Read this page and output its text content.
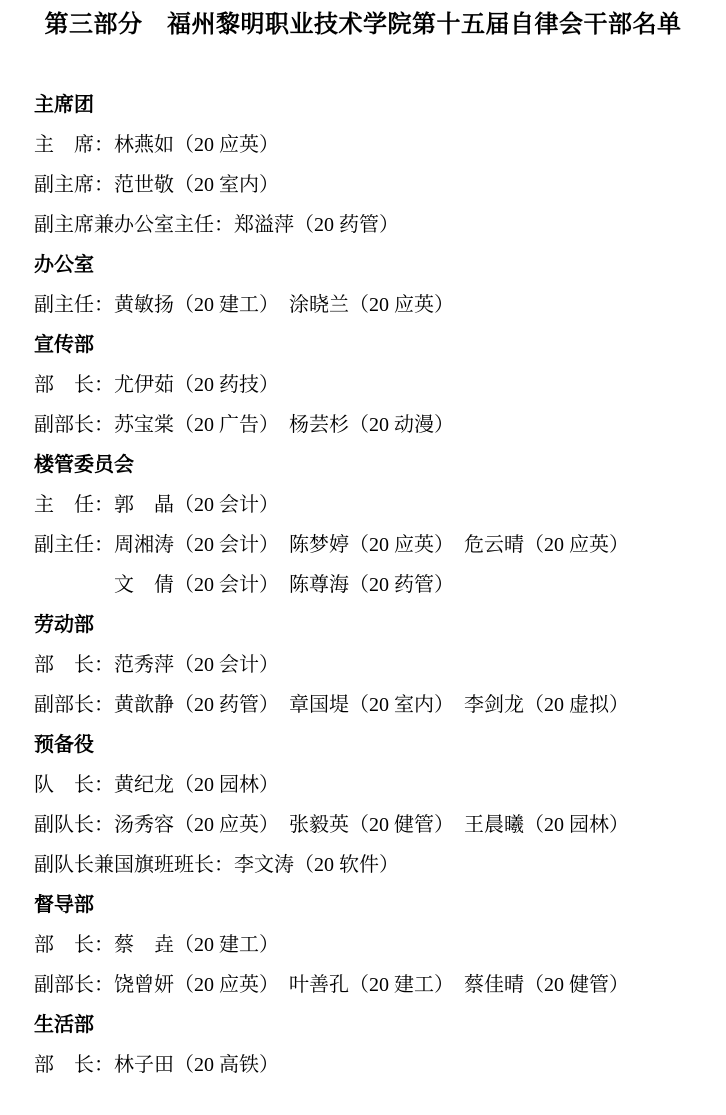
第三部分　福州黎明职业技术学院第十五届自律会干部名单
主席团
主　席：林燕如（20 应英）
副主席：范世敬（20 室内）
副主席兼办公室主任：郑溢萍（20 药管）
办公室
副主任：黄敏扬（20 建工）　涂晓兰（20 应英）
宣传部
部　长：尤伊茹（20 药技）
副部长：苏宝棠（20 广告）　杨芸杉（20 动漫）
楼管委员会
主　任：郭　晶（20 会计）
副主任：周湘涛（20 会计）　陈梦婷（20 应英）　危云晴（20 应英）
　　　　文　倩（20 会计）　陈尊海（20 药管）
劳动部
部　长：范秀萍（20 会计）
副部长：黄歆静（20 药管）　章国堤（20 室内）　李剑龙（20 虚拟）
预备役
队　长：黄纪龙（20 园林）
副队长：汤秀容（20 应英）　张毅英（20 健管）　王晨曦（20 园林）
副队长兼国旗班班长：李文涛（20 软件）
督导部
部　长：蔡　垚（20 建工）
副部长：饶曾妍（20 应英）　叶善孔（20 建工）　蔡佳晴（20 健管）
生活部
部　长：林子田（20 高铁）
